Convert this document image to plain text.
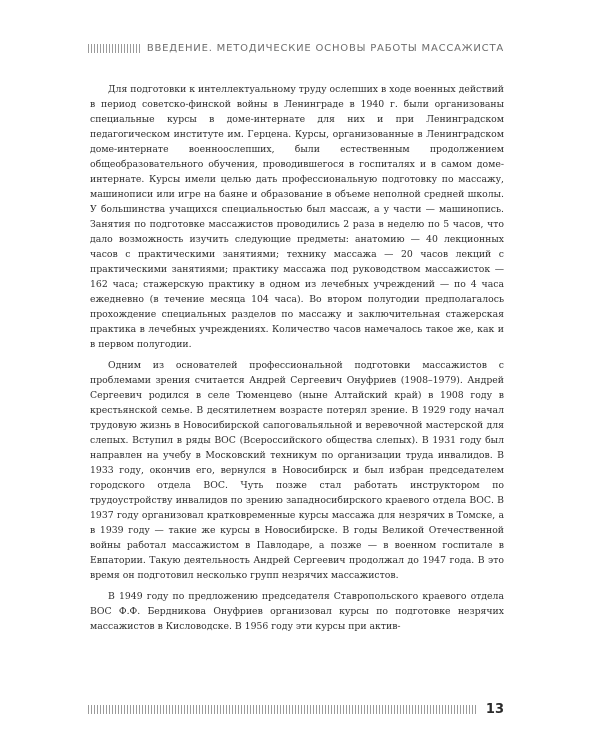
ВВЕДЕНИЕ. МЕТОДИЧЕСКИЕ ОСНОВЫ РАБОТЫ МАССАЖИСТА

Для подготовки к интеллектуальному труду ослепших в ходе военных действий в период советско-финской войны в Ленинграде в 1940 г. были организованы специальные курсы в доме-интернате для них и при Ленинградском педагогическом институте им. Герцена. Курсы, организованные в Ленинградском доме-интернате военноослепших, были естественным продолжением общеобразовательного обучения, проводившегося в госпиталях и в самом доме-интернате. Курсы имели целью дать профессиональную подготовку по массажу, машинописи или игре на баяне и образование в объеме неполной средней школы. У большинства учащихся специальностью был массаж, а у части — машинопись. Занятия по подготовке массажистов проводились 2 раза в неделю по 5 часов, что дало возможность изучить следующие предметы: анатомию — 40 лекционных часов с практическими занятиями; технику массажа — 20 часов лекций с практическими занятиями; практику массажа под руководством массажисток — 162 часа; стажерскую практику в одном из лечебных учреждений — по 4 часа ежедневно (в течение месяца 104 часа). Во втором полугодии предполагалось прохождение специальных разделов по массажу и заключительная стажерская практика в лечебных учреждениях. Количество часов намечалось такое же, как и в первом полугодии.

Одним из основателей профессиональной подготовки массажистов с проблемами зрения считается Андрей Сергеевич Онуфриев (1908–1979). Андрей Сергеевич родился в селе Тюменцево (ныне Алтайский край) в 1908 году в крестьянской семье. В десятилетнем возрасте потерял зрение. В 1929 году начал трудовую жизнь в Новосибирской сапоговальяльной и веревочной мастерской для слепых. Вступил в ряды ВОС (Всероссийского общества слепых). В 1931 году был направлен на учебу в Московский техникум по организации труда инвалидов. В 1933 году, окончив его, вернулся в Новосибирск и был избран председателем городского отдела ВОС. Чуть позже стал работать инструктором по трудоустройству инвалидов по зрению западносибирского краевого отдела ВОС. В 1937 году организовал кратковременные курсы массажа для незрячих в Томске, а в 1939 году — такие же курсы в Новосибирске. В годы Великой Отечественной войны работал массажистом в Павлодаре, а позже — в военном госпитале в Евпатории. Такую деятельность Андрей Сергеевич продолжал до 1947 года. В это время он подготовил несколько групп незрячих массажистов.

В 1949 году по предложению председателя Ставропольского краевого отдела ВОС Ф.Ф. Бердникова Онуфриев организовал курсы по подготовке незрячих массажистов в Кисловодске. В 1956 году эти курсы при актив-

13
